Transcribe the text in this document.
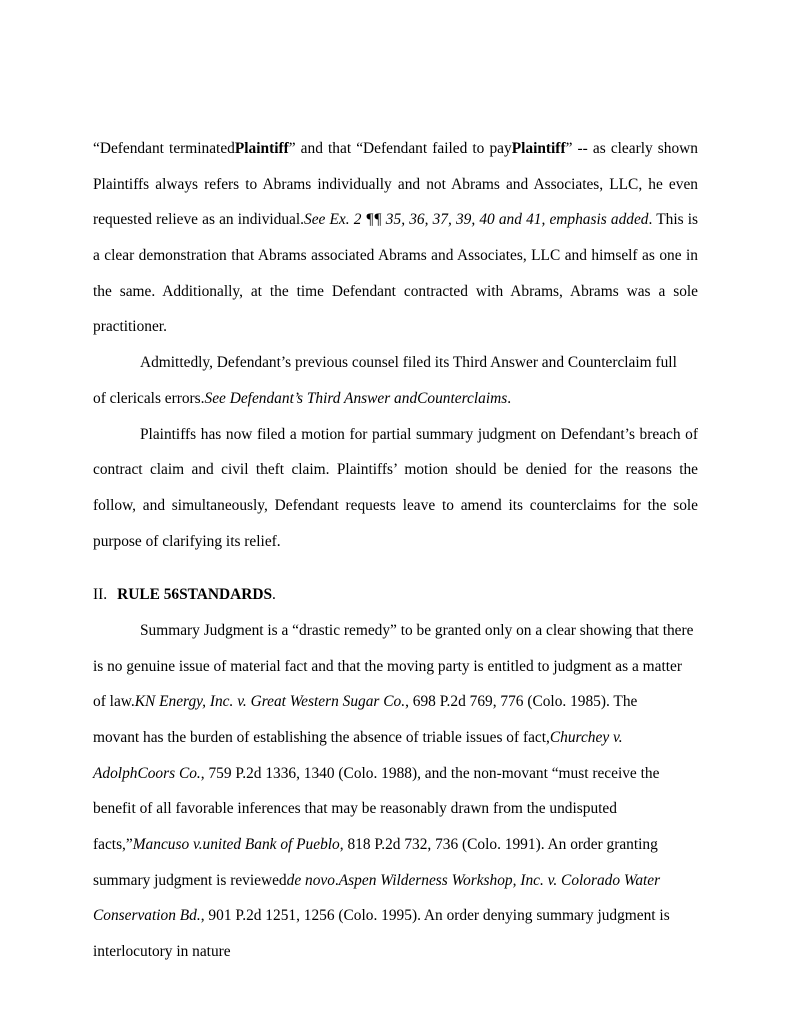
“Defendant terminatedPlaintiff” and that “Defendant failed to payPlaintiff” -- as clearly shown
Plaintiffs always refers to Abrams individually and not Abrams and Associates, LLC, he even
requested relieve as an individual.See Ex. 2 ¶¶ 35, 36, 37, 39, 40 and 41, emphasis added. This is
a clear demonstration that Abrams associated Abrams and Associates, LLC and himself as one in
the same. Additionally, at the time Defendant contracted with Abrams, Abrams was a sole
practitioner.
Admittedly, Defendant’s previous counsel filed its Third Answer and Counterclaim full
of clericals errors.See Defendant’s Third Answer andCounterclaims.
Plaintiffs has now filed a motion for partial summary judgment on Defendant’s breach of
contract claim and civil theft claim. Plaintiffs’ motion should be denied for the reasons the
follow, and simultaneously, Defendant requests leave to amend its counterclaims for the sole
purpose of clarifying its relief.
II. RULE 56STANDARDS.
Summary Judgment is a “drastic remedy” to be granted only on a clear showing that there
is no genuine issue of material fact and that the moving party is entitled to judgment as a matter
of law.KN Energy, Inc. v. Great Western Sugar Co., 698 P.2d 769, 776 (Colo. 1985). The
movant has the burden of establishing the absence of triable issues of fact,Churchey v.
AdolphCoors Co., 759 P.2d 1336, 1340 (Colo. 1988), and the non-movant “must receive the
benefit of all favorable inferences that may be reasonably drawn from the undisputed
facts,”Mancuso v.united Bank of Pueblo, 818 P.2d 732, 736 (Colo. 1991). An order granting
summary judgment is reviewedde novo.Aspen Wilderness Workshop, Inc. v. Colorado Water
Conservation Bd., 901 P.2d 1251, 1256 (Colo. 1995). An order denying summary judgment is
interlocutory in nature
